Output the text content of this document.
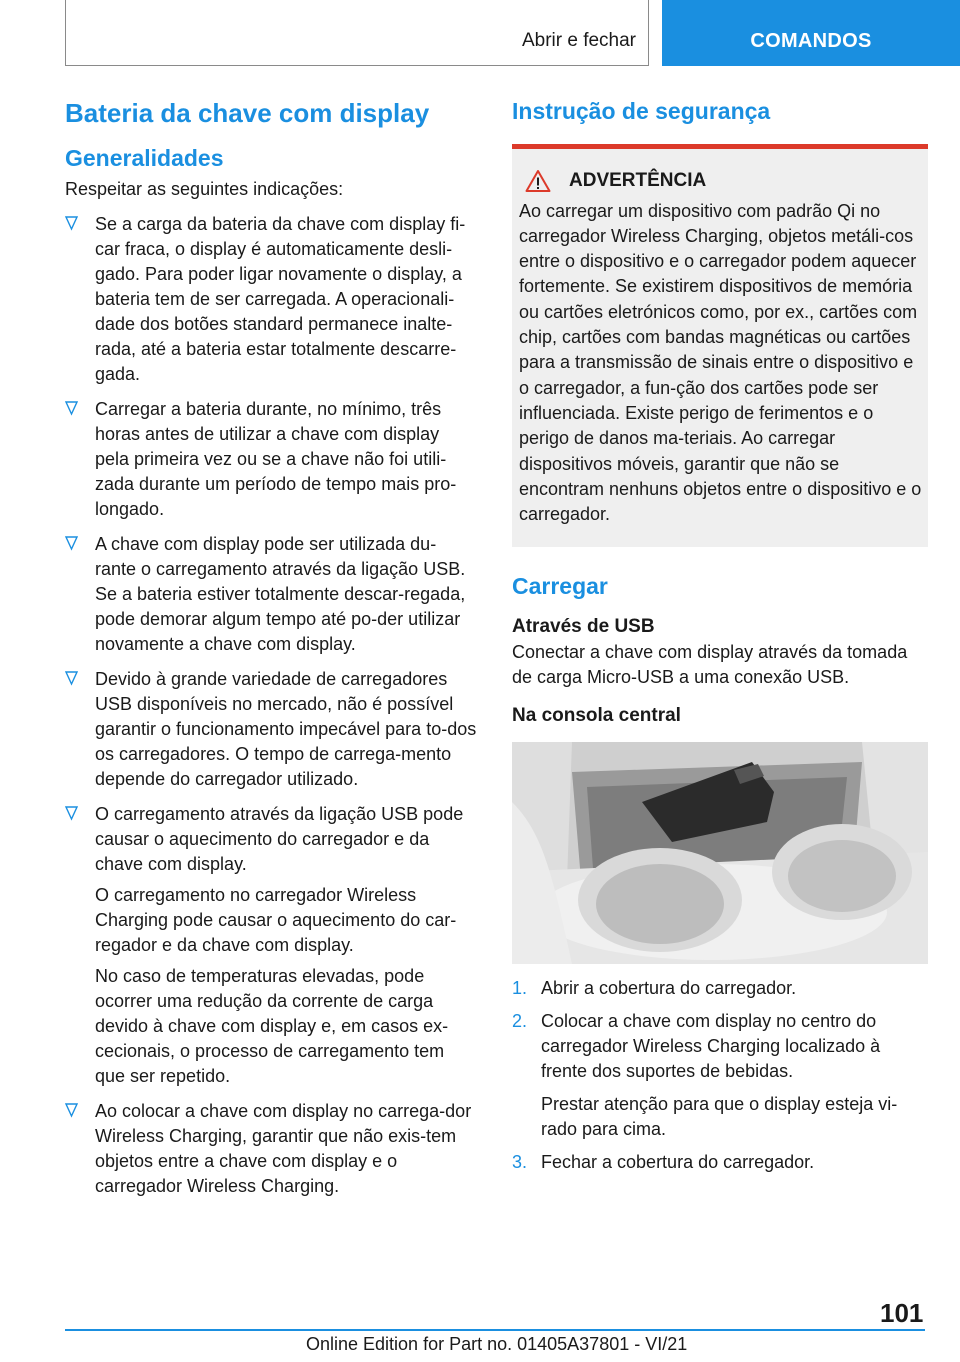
Abrir e fechar	COMANDOS
Bateria da chave com display
Generalidades

Respeitar as seguintes indicações:

Se a carga da bateria da chave com display fi-car fraca, o display é automaticamente desli-gado. Para poder ligar novamente o display, a bateria tem de ser carregada. A operacionali-dade dos botões standard permanece inalte-rada, até a bateria estar totalmente descarre-gada.
Carregar a bateria durante, no mínimo, três horas antes de utilizar a chave com display pela primeira vez ou se a chave não foi utili-zada durante um período de tempo mais pro-longado.
A chave com display pode ser utilizada du-rante o carregamento através da ligação USB. Se a bateria estiver totalmente descar-regada, pode demorar algum tempo até po-der utilizar novamente a chave com display.
Devido à grande variedade de carregadores USB disponíveis no mercado, não é possível garantir o funcionamento impecável para to-dos os carregadores. O tempo de carrega-mento depende do carregador utilizado.
O carregamento através da ligação USB pode causar o aquecimento do carregador e da chave com display.
O carregamento no carregador Wireless Charging pode causar o aquecimento do car-regador e da chave com display.
No caso de temperaturas elevadas, pode ocorrer uma redução da corrente de carga devido à chave com display e, em casos ex-cecionais, o processo de carregamento tem que ser repetido.
Ao colocar a chave com display no carrega-dor Wireless Charging, garantir que não exis-tem objetos entre a chave com display e o carregador Wireless Charging.
Instrução de segurança
ADVERTÊNCIA

Ao carregar um dispositivo com padrão Qi no carregador Wireless Charging, objetos metáli-cos entre o dispositivo e o carregador podem aquecer fortemente. Se existirem dispositivos de memória ou cartões eletrónicos como, por ex., cartões com chip, cartões com bandas magnéticas ou cartões para a transmissão de sinais entre o dispositivo e o carregador, a fun-ção dos cartões pode ser influenciada. Existe perigo de ferimentos e o perigo de danos ma-teriais. Ao carregar dispositivos móveis, garantir que não se encontram nenhuns objetos entre o dispositivo e o carregador.

Carregar
Através de USB

Conectar a chave com display através da tomada de carga Micro-USB a uma conexão USB.

Na consola central
1. Abrir a cobertura do carregador.
2. Colocar a chave com display no centro do carregador Wireless Charging localizado à frente dos suportes de bebidas.
Prestar atenção para que o display esteja vi-rado para cima.
3. Fechar a cobertura do carregador.
101
Online Edition for Part no. 01405A37801 - VI/21
